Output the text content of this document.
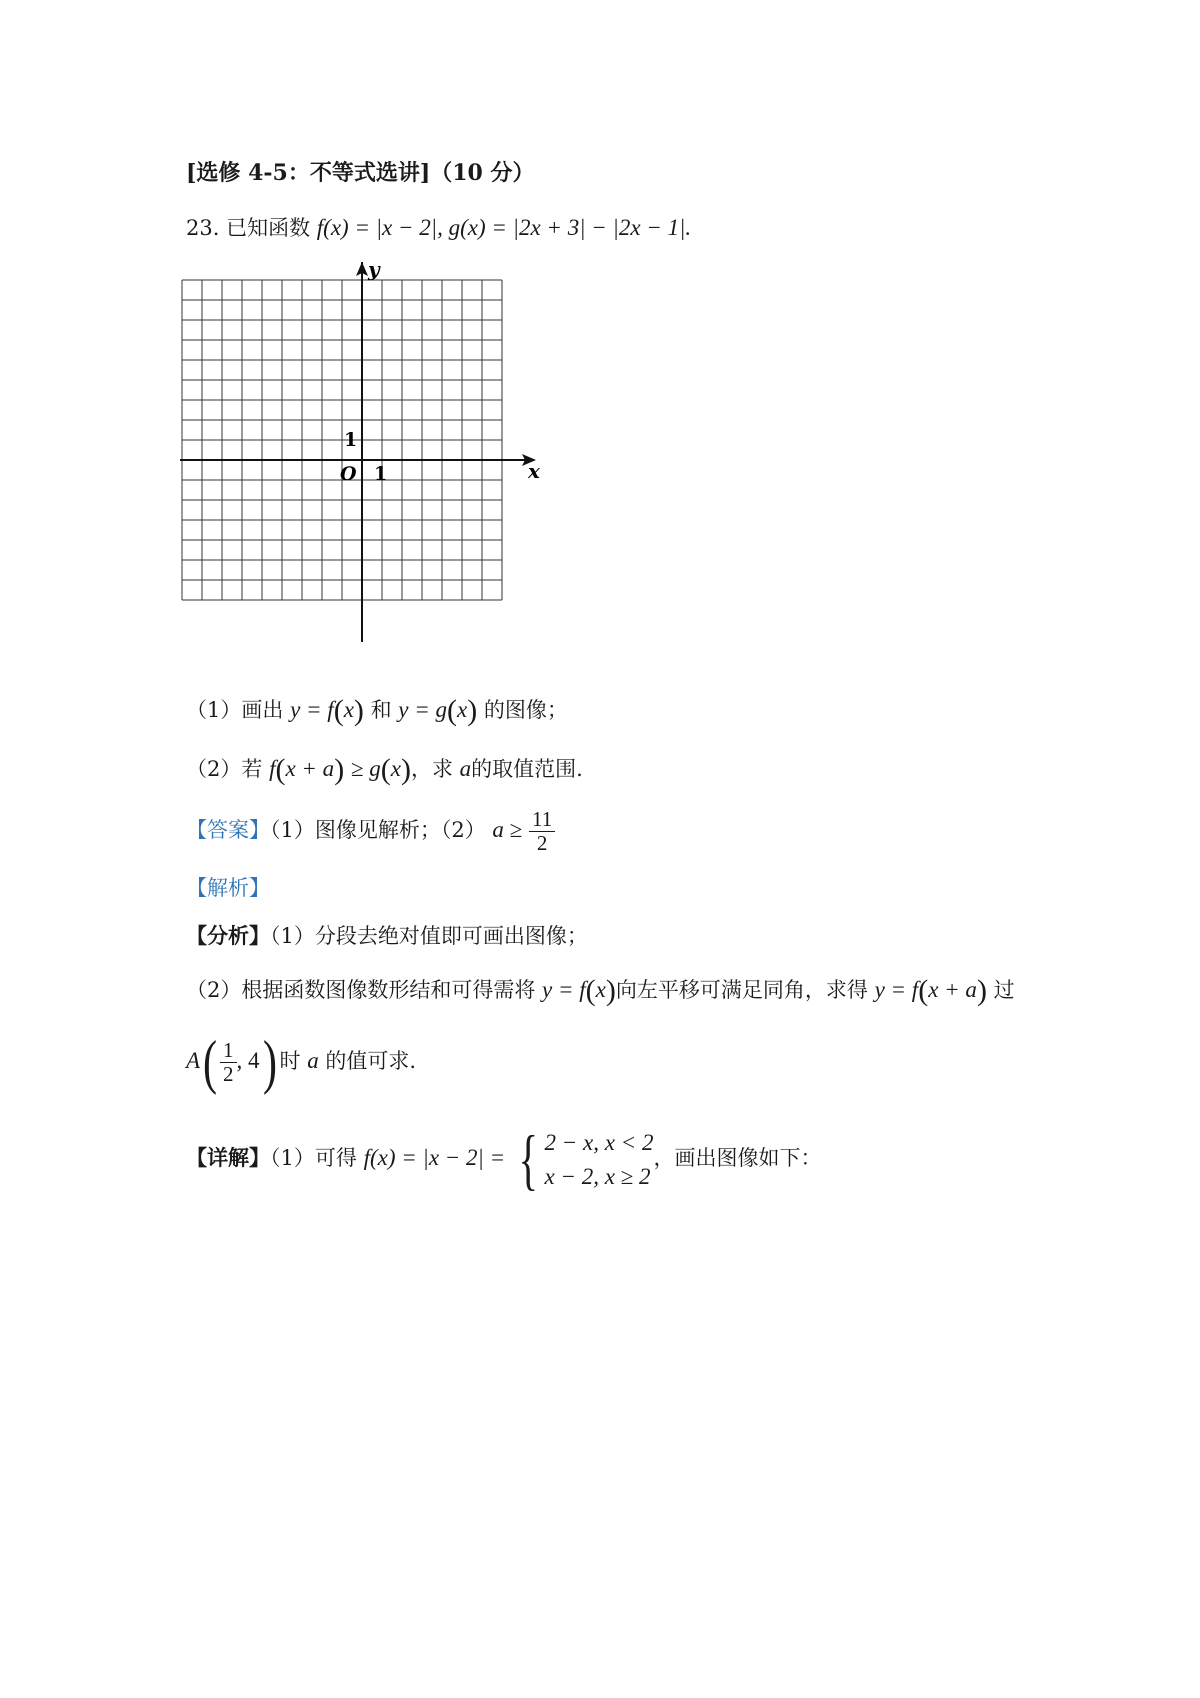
[选修 4-5：不等式选讲]（10 分）
23. 已知函数 f(x) = |x − 2|, g(x) = |2x + 3| − |2x − 1|.
y
x
O 1
1
（1）画出 y = f(x) 和 y = g(x) 的图像；
（2）若 f(x + a) ≥ g(x)，求 a的取值范围.
【答案】（1）图像见解析；（2） $a \ge \frac{11}{2}$
【解析】
【分析】（1）分段去绝对值即可画出图像；
（2）根据函数图像数形结和可得需将 y = f(x)向左平移可满足同角，求得 y = f(x + a) 过
$A( \frac{1}{2}$ , 4) 时 a 的值可求.
【详解】（1）可得 f(x) = |x − 2| = { 2 − x, x < 2
x − 2, x ≥ 2
，画出图像如下：
